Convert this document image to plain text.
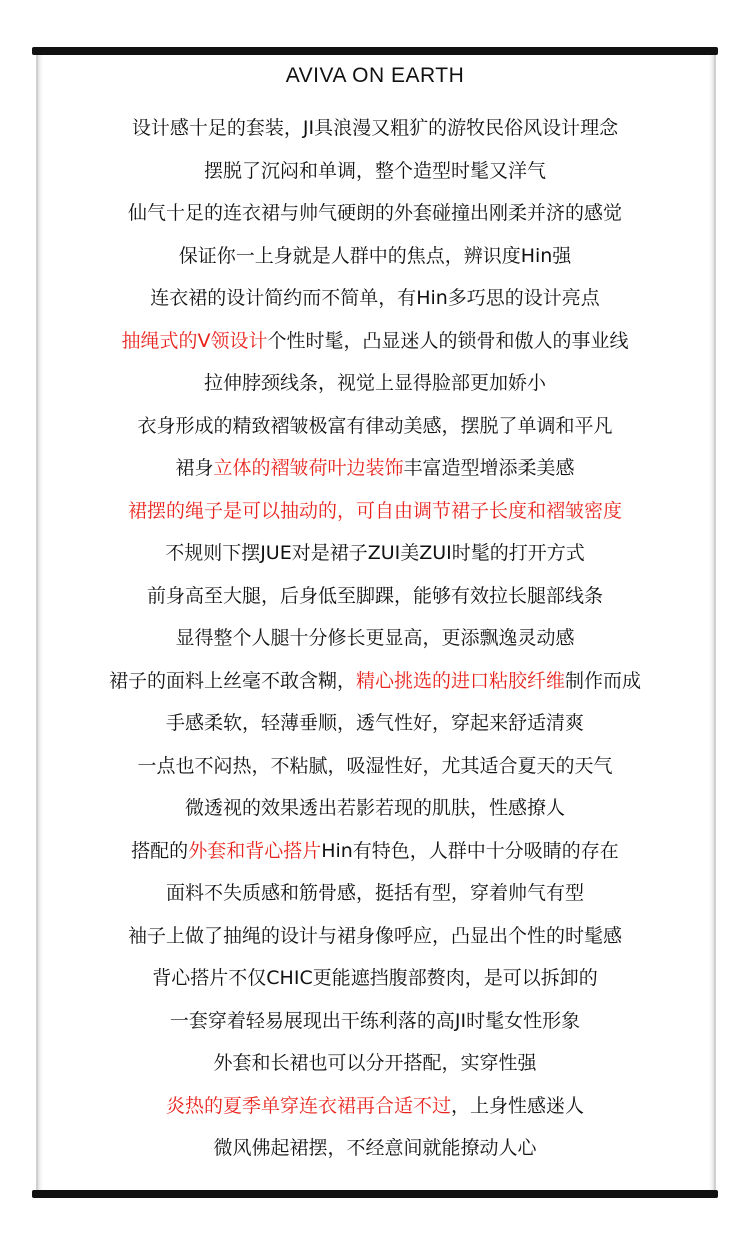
AVIVA ON EARTH
设计感十足的套装，JI具浪漫又粗犷的游牧民俗风设计理念
摆脱了沉闷和单调，整个造型时髦又洋气
仙气十足的连衣裙与帅气硬朗的外套碰撞出刚柔并济的感觉
保证你一上身就是人群中的焦点，辨识度Hin强
连衣裙的设计简约而不简单，有Hin多巧思的设计亮点
抽绳式的V领设计个性时髦，凸显迷人的锁骨和傲人的事业线
拉伸脖颈线条，视觉上显得脸部更加娇小
衣身形成的精致褶皱极富有律动美感，摆脱了单调和平凡
裙身立体的褶皱荷叶边装饰丰富造型增添柔美感
裙摆的绳子是可以抽动的，可自由调节裙子长度和褶皱密度
不规则下摆JUE对是裙子ZUI美ZUI时髦的打开方式
前身高至大腿，后身低至脚踝，能够有效拉长腿部线条
显得整个人腿十分修长更显高，更添飘逸灵动感
裙子的面料上丝毫不敢含糊，精心挑选的进口粘胶纤维制作而成
手感柔软，轻薄垂顺，透气性好，穿起来舒适清爽
一点也不闷热，不粘腻，吸湿性好，尤其适合夏天的天气
微透视的效果透出若影若现的肌肤，性感撩人
搭配的外套和背心搭片Hin有特色，人群中十分吸睛的存在
面料不失质感和筋骨感，挺括有型，穿着帅气有型
袖子上做了抽绳的设计与裙身像呼应，凸显出个性的时髦感
背心搭片不仅CHIC更能遮挡腹部赘肉，是可以拆卸的
一套穿着轻易展现出干练利落的高JI时髦女性形象
外套和长裙也可以分开搭配，实穿性强
炎热的夏季单穿连衣裙再合适不过，上身性感迷人
微风佛起裙摆，不经意间就能撩动人心
